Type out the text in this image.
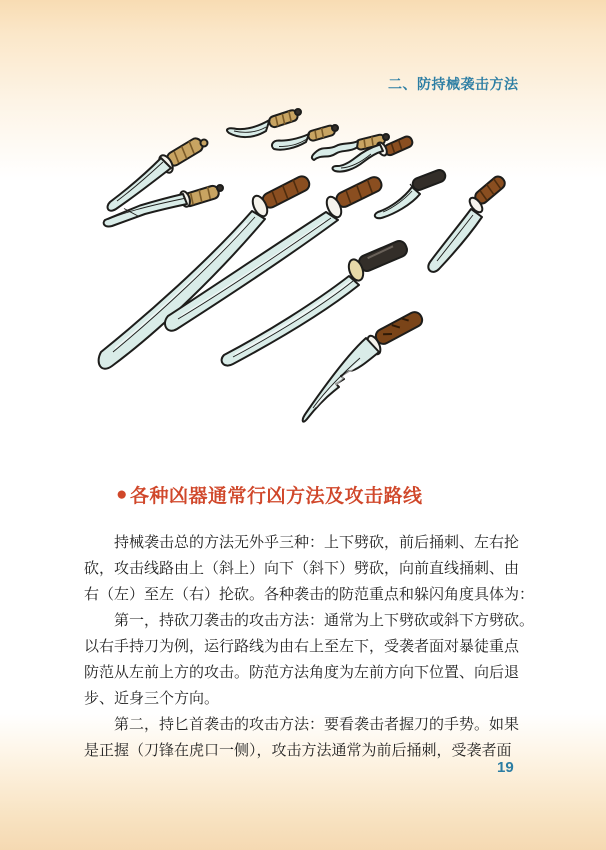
二、防持械袭击方法
● 各种凶器通常行凶方法及攻击路线
持械袭击总的方法无外乎三种：上下劈砍，前后捅刺、左右抡
砍，攻击线路由上（斜上）向下（斜下）劈砍，向前直线捅刺、由
右（左）至左（右）抡砍。各种袭击的防范重点和躲闪角度具体为：
第一，持砍刀袭击的攻击方法：通常为上下劈砍或斜下方劈砍。
以右手持刀为例，运行路线为由右上至左下，受袭者面对暴徒重点
防范从左前上方的攻击。防范方法角度为左前方向下位置、向后退
步、近身三个方向。
第二，持匕首袭击的攻击方法：要看袭击者握刀的手势。如果
是正握（刀锋在虎口一侧），攻击方法通常为前后捅刺，受袭者面
19
